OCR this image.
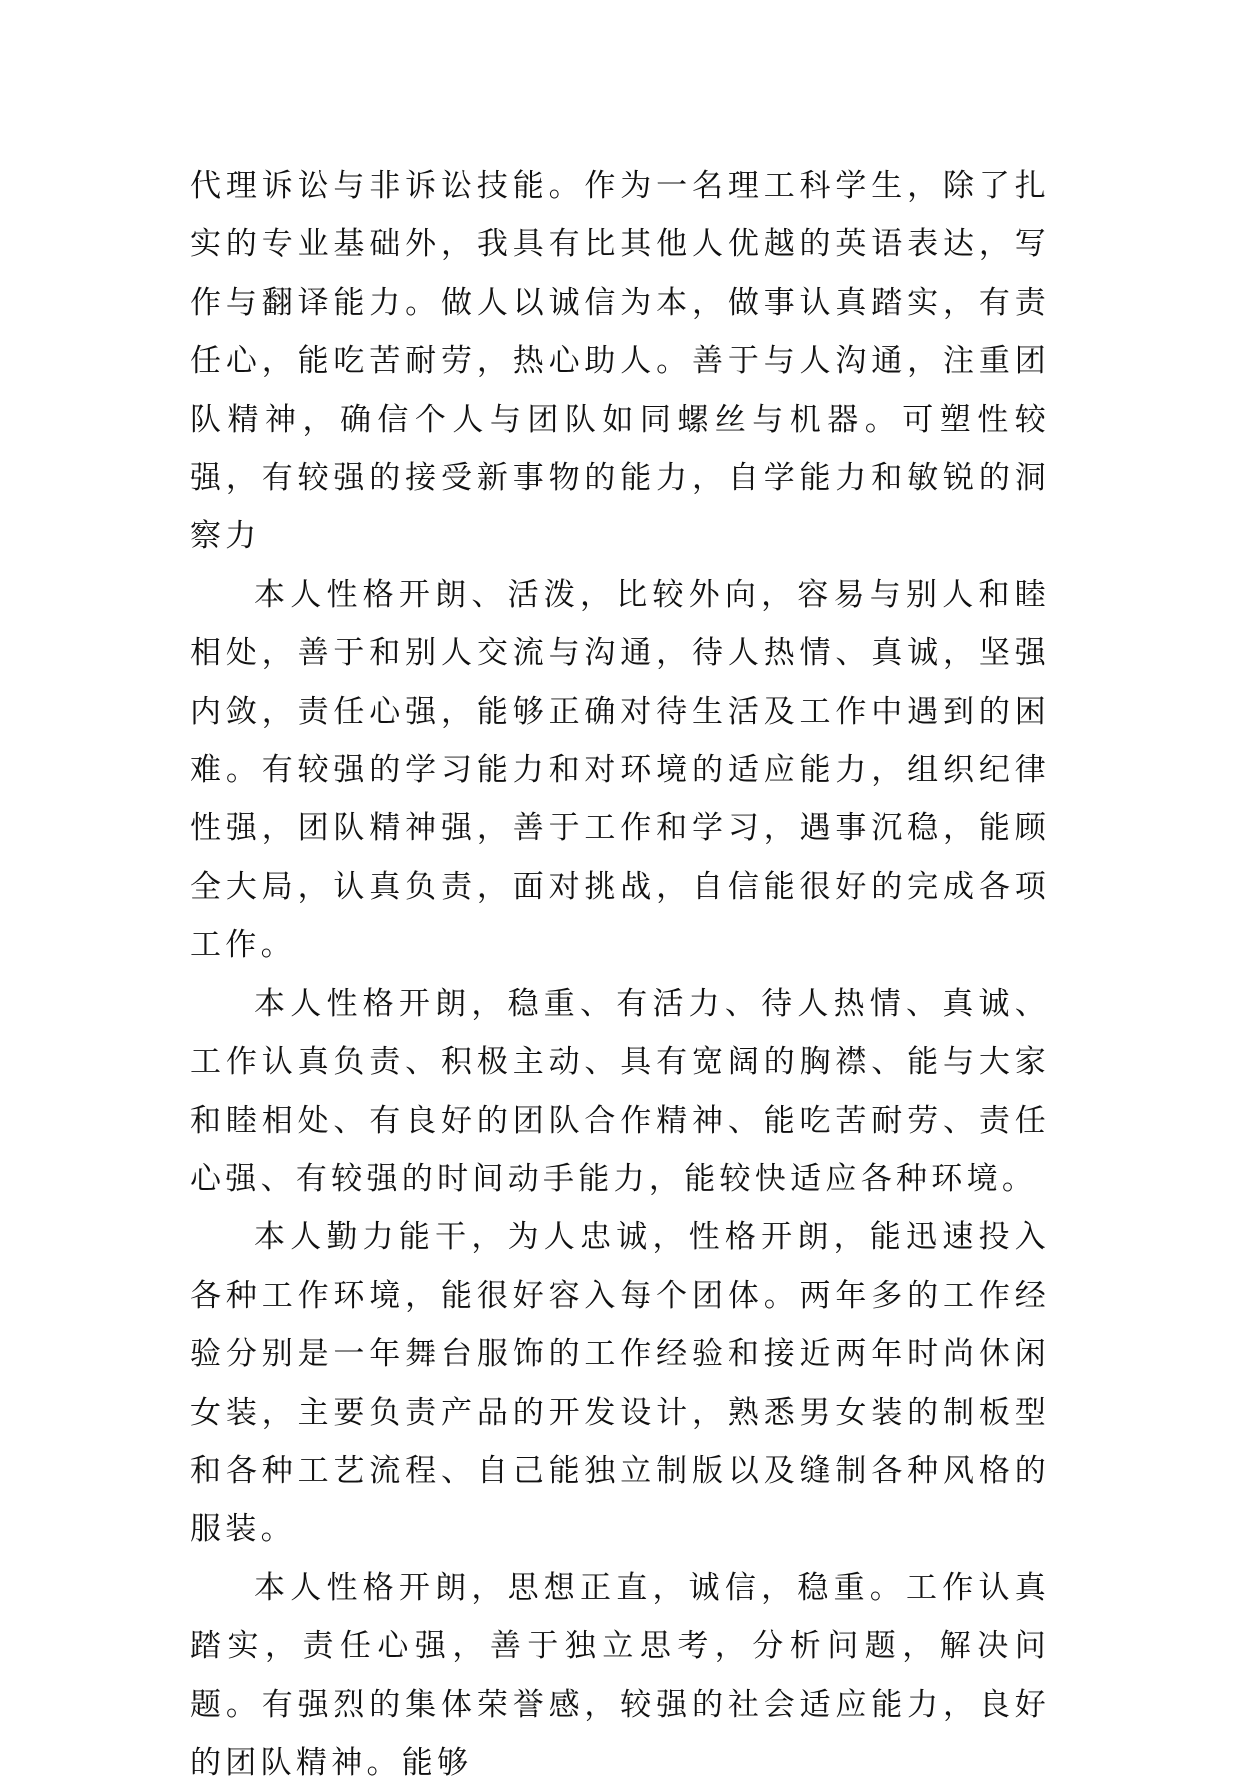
代理诉讼与非诉讼技能。作为一名理工科学生，除了扎实的专业基础外，我具有比其他人优越的英语表达，写作与翻译能力。做人以诚信为本，做事认真踏实，有责任心，能吃苦耐劳，热心助人。善于与人沟通，注重团队精神，确信个人与团队如同螺丝与机器。可塑性较强，有较强的接受新事物的能力，自学能力和敏锐的洞察力

本人性格开朗、活泼，比较外向，容易与别人和睦相处，善于和别人交流与沟通，待人热情、真诚，坚强内敛，责任心强，能够正确对待生活及工作中遇到的困难。有较强的学习能力和对环境的适应能力，组织纪律性强，团队精神强，善于工作和学习，遇事沉稳，能顾全大局，认真负责，面对挑战，自信能很好的完成各项工作。

本人性格开朗，稳重、有活力、待人热情、真诚、工作认真负责、积极主动、具有宽阔的胸襟、能与大家和睦相处、有良好的团队合作精神、能吃苦耐劳、责任心强、有较强的时间动手能力，能较快适应各种环境。

本人勤力能干，为人忠诚，性格开朗，能迅速投入各种工作环境，能很好容入每个团体。两年多的工作经验分别是一年舞台服饰的工作经验和接近两年时尚休闲女装，主要负责产品的开发设计，熟悉男女装的制板型和各种工艺流程、自己能独立制版以及缝制各种风格的服装。

本人性格开朗，思想正直，诚信，稳重。工作认真踏实，责任心强，善于独立思考，分析问题，解决问题。有强烈的集体荣誉感，较强的社会适应能力，良好的团队精神。能够
